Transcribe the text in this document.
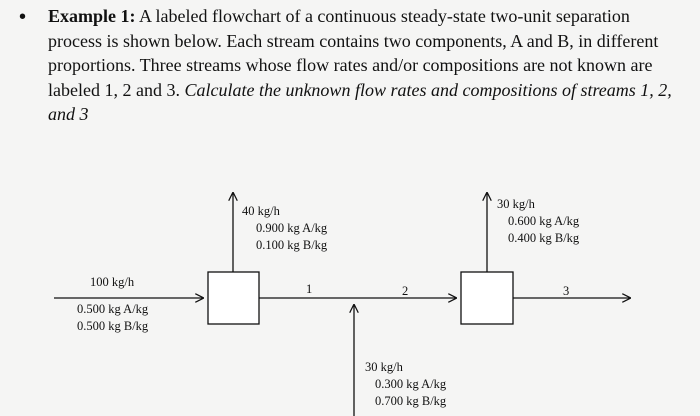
• Example 1: A labeled flowchart of a continuous steady-state two-unit separation process is shown below. Each stream contains two components, A and B, in different proportions. Three streams whose flow rates and/or compositions are not known are labeled 1, 2 and 3. Calculate the unknown flow rates and compositions of streams 1, 2, and 3
100 kg/h
0.500 kg A/kg
0.500 kg B/kg
40 kg/h
0.900 kg A/kg
0.100 kg B/kg
30 kg/h
0.600 kg A/kg
0.400 kg B/kg
30 kg/h
0.300 kg A/kg
0.700 kg B/kg
1	2	3
